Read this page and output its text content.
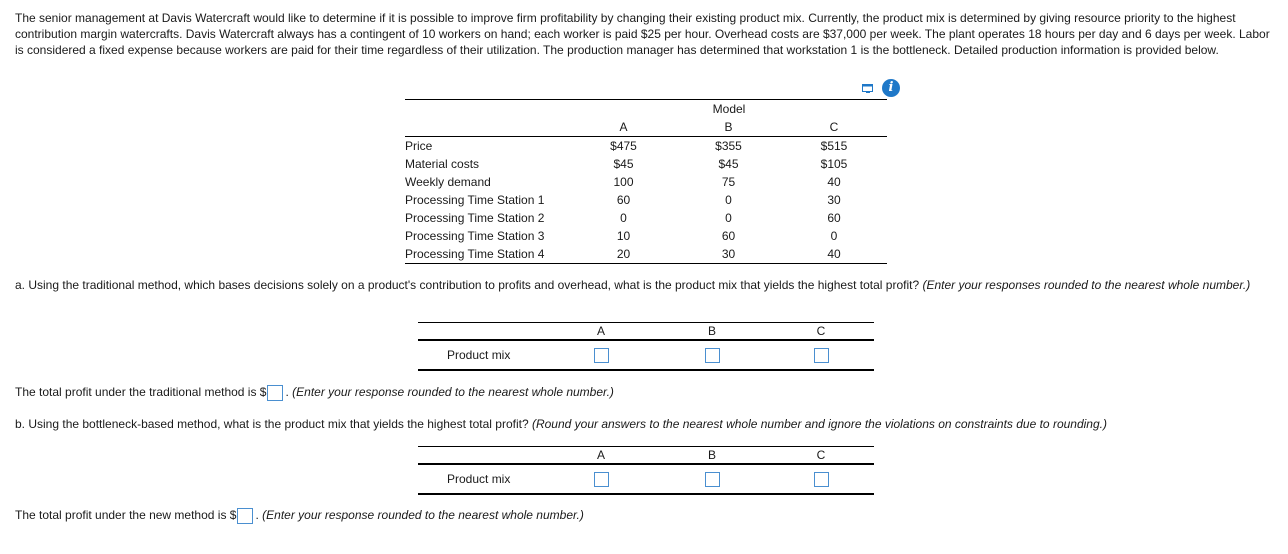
The senior management at Davis Watercraft would like to determine if it is possible to improve firm profitability by changing their existing product mix. Currently, the product mix is determined by giving resource priority to the highest contribution margin watercrafts. Davis Watercraft always has a contingent of 10 workers on hand; each worker is paid $25 per hour. Overhead costs are $37,000 per week. The plant operates 18 hours per day and 6 days per week. Labor is considered a fixed expense because workers are paid for their time regardless of their utilization. The production manager has determined that workstation 1 is the bottleneck. Detailed production information is provided below.

i
	Model		
	A	B	C
Price	$475	$355	$515
Material costs	$45	$45	$105
Weekly demand	100	75	40
Processing Time Station 1	60	0	30
Processing Time Station 2	0	0	60
Processing Time Station 3	10	60	0
Processing Time Station 4	20	30	40

a. Using the traditional method, which bases decisions solely on a product's contribution to profits and overhead, what is the product mix that yields the highest total profit? (Enter your responses rounded to the nearest whole number.)

	A	B	C
Product mix			

The total profit under the traditional method is $ . (Enter your response rounded to the nearest whole number.)

b. Using the bottleneck-based method, what is the product mix that yields the highest total profit? (Round your answers to the nearest whole number and ignore the violations on constraints due to rounding.)

	A	B	C
Product mix			

The total profit under the new method is $ . (Enter your response rounded to the nearest whole number.)
